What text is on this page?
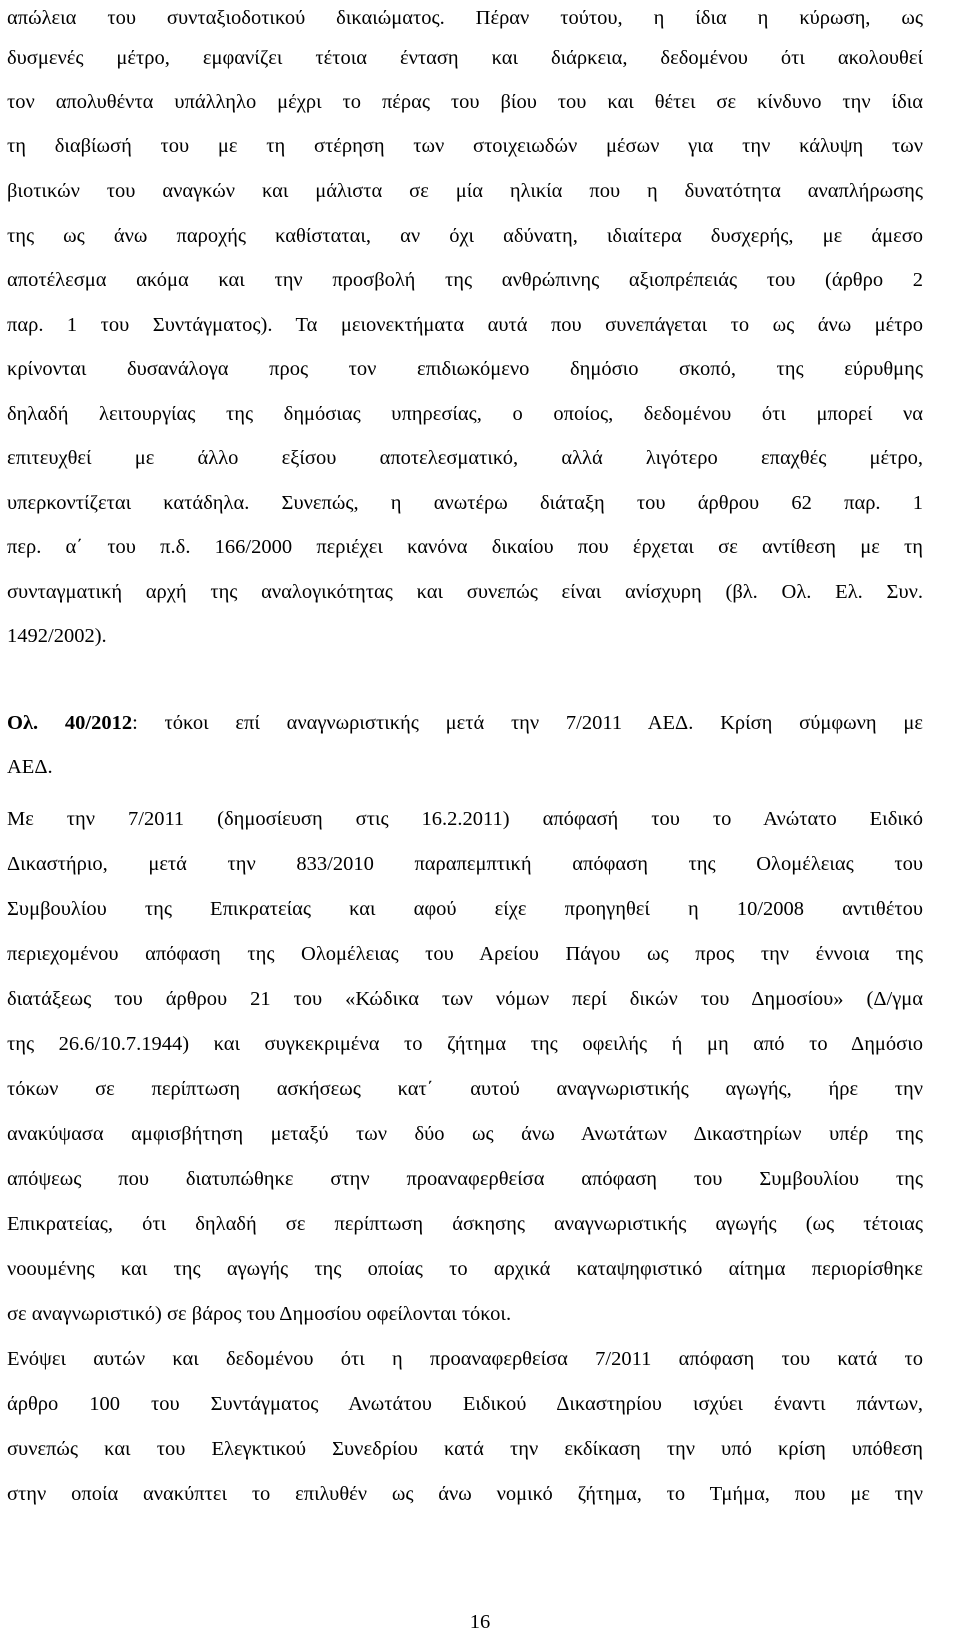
απώλεια του συνταξιοδοτικού δικαιώματος. Πέραν τούτου, η ίδια η κύρωση, ως
δυσμενές μέτρο, εμφανίζει τέτοια ένταση και διάρκεια, δεδομένου ότι ακολουθεί
τον απολυθέντα υπάλληλο μέχρι το πέρας του βίου του και θέτει σε κίνδυνο την ίδια
τη διαβίωσή του με τη στέρηση των στοιχειωδών μέσων για την κάλυψη των
βιοτικών του αναγκών και μάλιστα σε μία ηλικία που η δυνατότητα αναπλήρωσης
της ως άνω παροχής καθίσταται, αν όχι αδύνατη, ιδιαίτερα δυσχερής, με άμεσο
αποτέλεσμα ακόμα και την προσβολή της ανθρώπινης αξιοπρέπειάς του (άρθρο 2
παρ. 1 του Συντάγματος). Τα μειονεκτήματα αυτά που συνεπάγεται το ως άνω μέτρο
κρίνονται δυσανάλογα προς τον επιδιωκόμενο δημόσιο σκοπό, της εύρυθμης
δηλαδή λειτουργίας της δημόσιας υπηρεσίας, ο οποίος, δεδομένου ότι μπορεί να
επιτευχθεί με άλλο εξίσου αποτελεσματικό, αλλά λιγότερο επαχθές μέτρο,
υπερκοντίζεται κατάδηλα. Συνεπώς, η ανωτέρω διάταξη του άρθρου 62 παρ. 1
περ. α΄ του π.δ. 166/2000 περιέχει κανόνα δικαίου που έρχεται σε αντίθεση με τη
συνταγματική αρχή της αναλογικότητας και συνεπώς είναι ανίσχυρη (βλ. Ολ. Ελ. Συν.
1492/2002).
Ολ. 40/2012: τόκοι επί αναγνωριστικής μετά την 7/2011 ΑΕΔ. Κρίση σύμφωνη με
ΑΕΔ.
Με την 7/2011 (δημοσίευση στις 16.2.2011) απόφασή του το Ανώτατο Ειδικό
Δικαστήριο, μετά την 833/2010 παραπεμπτική απόφαση της Ολομέλειας του
Συμβουλίου της Επικρατείας και αφού είχε προηγηθεί η 10/2008 αντιθέτου
περιεχομένου απόφαση της Ολομέλειας του Αρείου Πάγου ως προς την έννοια της
διατάξεως του άρθρου 21 του «Κώδικα των νόμων περί δικών του Δημοσίου» (Δ/γμα
της 26.6/10.7.1944) και συγκεκριμένα το ζήτημα της οφειλής ή μη από το Δημόσιο
τόκων σε περίπτωση ασκήσεως κατ΄ αυτού αναγνωριστικής αγωγής, ήρε την
ανακύψασα αμφισβήτηση μεταξύ των δύο ως άνω Ανωτάτων Δικαστηρίων υπέρ της
απόψεως που διατυπώθηκε στην προαναφερθείσα απόφαση του Συμβουλίου της
Επικρατείας, ότι δηλαδή σε περίπτωση άσκησης αναγνωριστικής αγωγής (ως τέτοιας
νοουμένης και της αγωγής της οποίας το αρχικά καταψηφιστικό αίτημα περιορίσθηκε
σε αναγνωριστικό) σε βάρος του Δημοσίου οφείλονται τόκοι.
Ενόψει αυτών και δεδομένου ότι η προαναφερθείσα 7/2011 απόφαση του κατά το
άρθρο 100 του Συντάγματος Ανωτάτου Ειδικού Δικαστηρίου ισχύει έναντι πάντων,
συνεπώς και του Ελεγκτικού Συνεδρίου κατά την εκδίκαση την υπό κρίση υπόθεση
στην οποία ανακύπτει το επιλυθέν ως άνω νομικό ζήτημα, το Τμήμα, που με την
16
